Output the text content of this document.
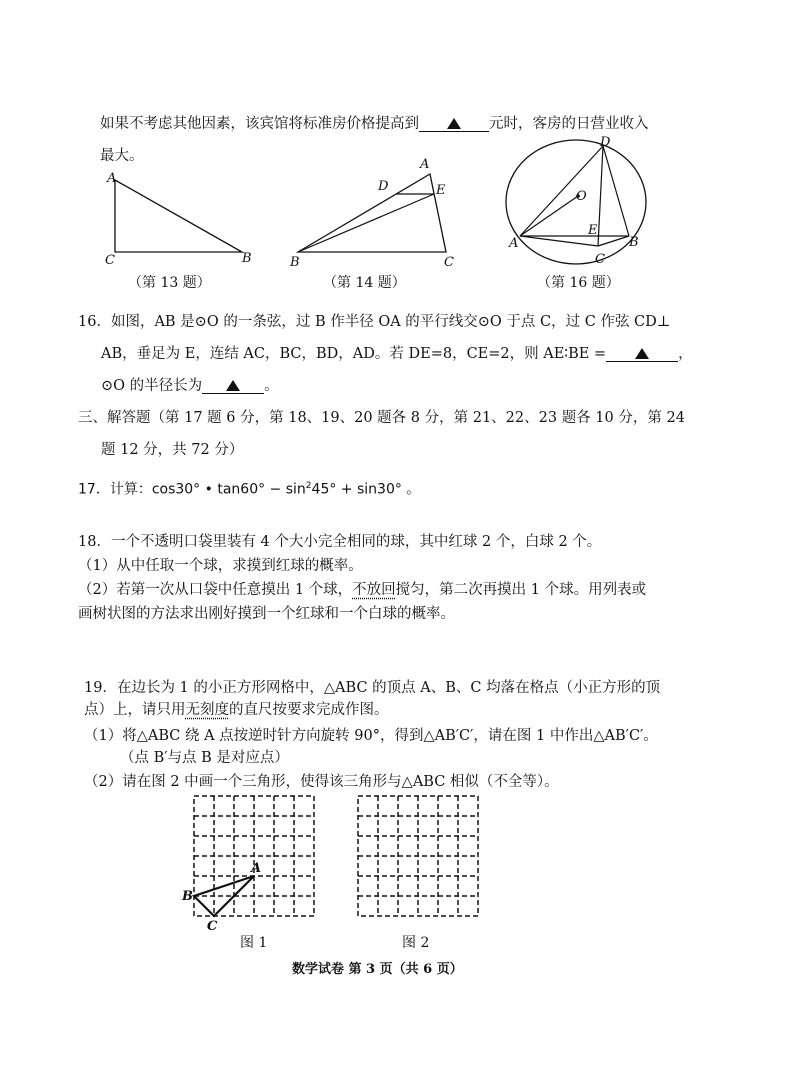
如果不考虑其他因素，该宾馆将标准房价格提高到	元时，客房的日营业收入
最大。
A
C	B
（第 13 题）
A
D	E
B	C
（第 14 题）
D
O
E
A	B
C
（第 16 题）
16．如图，AB 是⊙O 的一条弦，过 B 作半径 OA 的平行线交⊙O 于点 C，过 C 作弦 CD⊥
AB，垂足为 E，连结 AC，BC，BD，AD。若 DE=8，CE=2，则 AE∶BE =	，
⊙O 的半径长为	。
三、解答题（第 17 题 6 分，第 18、19、20 题各 8 分，第 21、22、23 题各 10 分，第 24
题 12 分，共 72 分）
17．计算：cos30° • $\tan 60^\circ - \sin^245^\circ + \sin 30^\circ$ 。
18．一个不透明口袋里装有 4 个大小完全相同的球，其中红球 2 个，白球 2 个。
（1）从中任取一个球，求摸到红球的概率。
（2）若第一次从口袋中任意摸出 1 个球，不放回搅匀，第二次再摸出 1 个球。用列表或
画树状图的方法求出刚好摸到一个红球和一个白球的概率。
19．在边长为 1 的小正方形网格中，△ABC 的顶点 A、B、C 均落在格点（小正方形的顶
点）上，请只用无刻度的直尺按要求完成作图。
（1）将△ABC 绕 A 点按逆时针方向旋转 90°，得到△AB′C′，请在图 1 中作出△AB′C′。
（点 B′与点 B 是对应点）
（2）请在图 2 中画一个三角形，使得该三角形与△ABC 相似（不全等）。
A
B
C
图 1	图 2
数学试卷 第 3 页（共 6 页）
